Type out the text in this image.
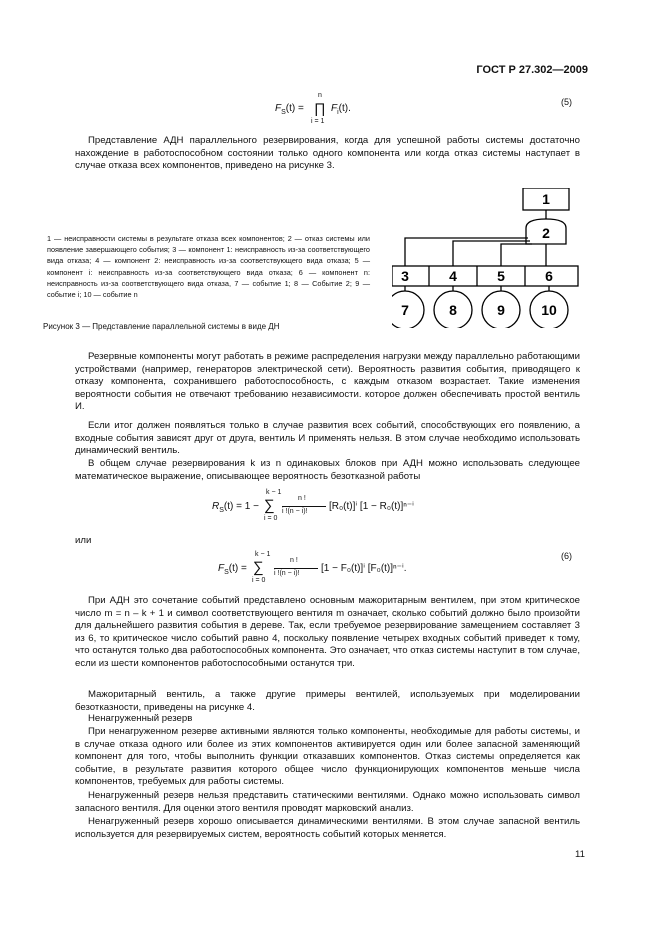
ГОСТ Р 27.302—2009
$F_S(t)$ =
n
∏
i = 1
$F_i(t)$.
(5)
Представление АДН параллельного резервирования, когда для успешной работы системы достаточно нахождение в работоспособном состоянии только одного компонента или когда отказ системы наступает в случае отказа всех компонентов, приведено на рисунке 3.
1 — неисправности системы в результате отказа всех компонентов; 2 — отказ системы или появление завершающего события; 3 — компонент 1: неисправность из-за соответствующего вида отказа; 4 — компонент 2: неисправность из-за соответствующего вида отказа; 5 — компонент i: неисправность из-за соответствующего вида отказа; 6 — компонент n: неисправность из-за соответствующего вида отказа, 7 — событие 1; 8 — Событие 2; 9 — событие i; 10 — событие n
1
2
3	4	5	6
7	8	9	10
Рисунок 3 — Представление параллельной системы в виде ДН
Резервные компоненты могут работать в режиме распределения нагрузки между параллельно работающими устройствами (например, генераторов электрической сети). Вероятность развития события, приводящего к отказу компонента, сохранившего работоспособность, с каждым отказом возрастает. Такие изменения вероятности события не отвечают требованию независимости. которое должен обеспечивать простой вентиль И.
Если итог должен появляться только в случае развития всех событий, способствующих его появлению, а входные события зависят друг от друга, вентиль И применять нельзя. В этом случае необходимо использовать динамический вентиль.
В общем случае резервирования k из n одинаковых блоков при АДН можно использовать следующее математическое выражение, описывающее вероятность безотказной работы
$R_S(t) = 1$ −
k − 1
∑
i = 0
n !
i !(n − i)! [R₀(t)]ⁱ [1 − R₀(t)]ⁿ⁻ⁱ
или
$F_S(t)$ =
k − 1
∑
i = 0
n !
i !(n − i)! [1 − F₀(t)]ⁱ [F₀(t)]ⁿ⁻ⁱ.
(6)
При АДН это сочетание событий представлено основным мажоритарным вентилем, при этом критическое число m = n – k + 1 и символ соответствующего вентиля m означает, сколько событий должно было произойти для дальнейшего развития события в дереве. Так, если требуемое резервирование замещением составляет 3 из 6, то критическое число событий равно 4, поскольку появление четырех входных событий приведет к тому, что останутся только два работоспособных компонента. Это означает, что отказ системы наступит в том случае, если из шести компонентов работоспособными останутся три.
Мажоритарный вентиль, а также другие примеры вентилей, используемых при моделировании безотказности, приведены на рисунке 4.
Ненагруженный резерв
При ненагруженном резерве активными являются только компоненты, необходимые для работы системы, и в случае отказа одного или более из этих компонентов активируется один или более запасной заменяющий компонент для того, чтобы выполнить функции отказавших компонентов. Отказ системы определяется как событие, в результате развития которого общее число функционирующих компонентов меньше числа компонентов, требуемых для работы системы.
Ненагруженный резерв нельзя представить статическими вентилями. Однако можно использовать символ запасного вентиля. Для оценки этого вентиля проводят марковский анализ.
Ненагруженный резерв хорошо описывается динамическими вентилями. В этом случае запасной вентиль используется для резервируемых систем, вероятность событий которых меняется.
11
